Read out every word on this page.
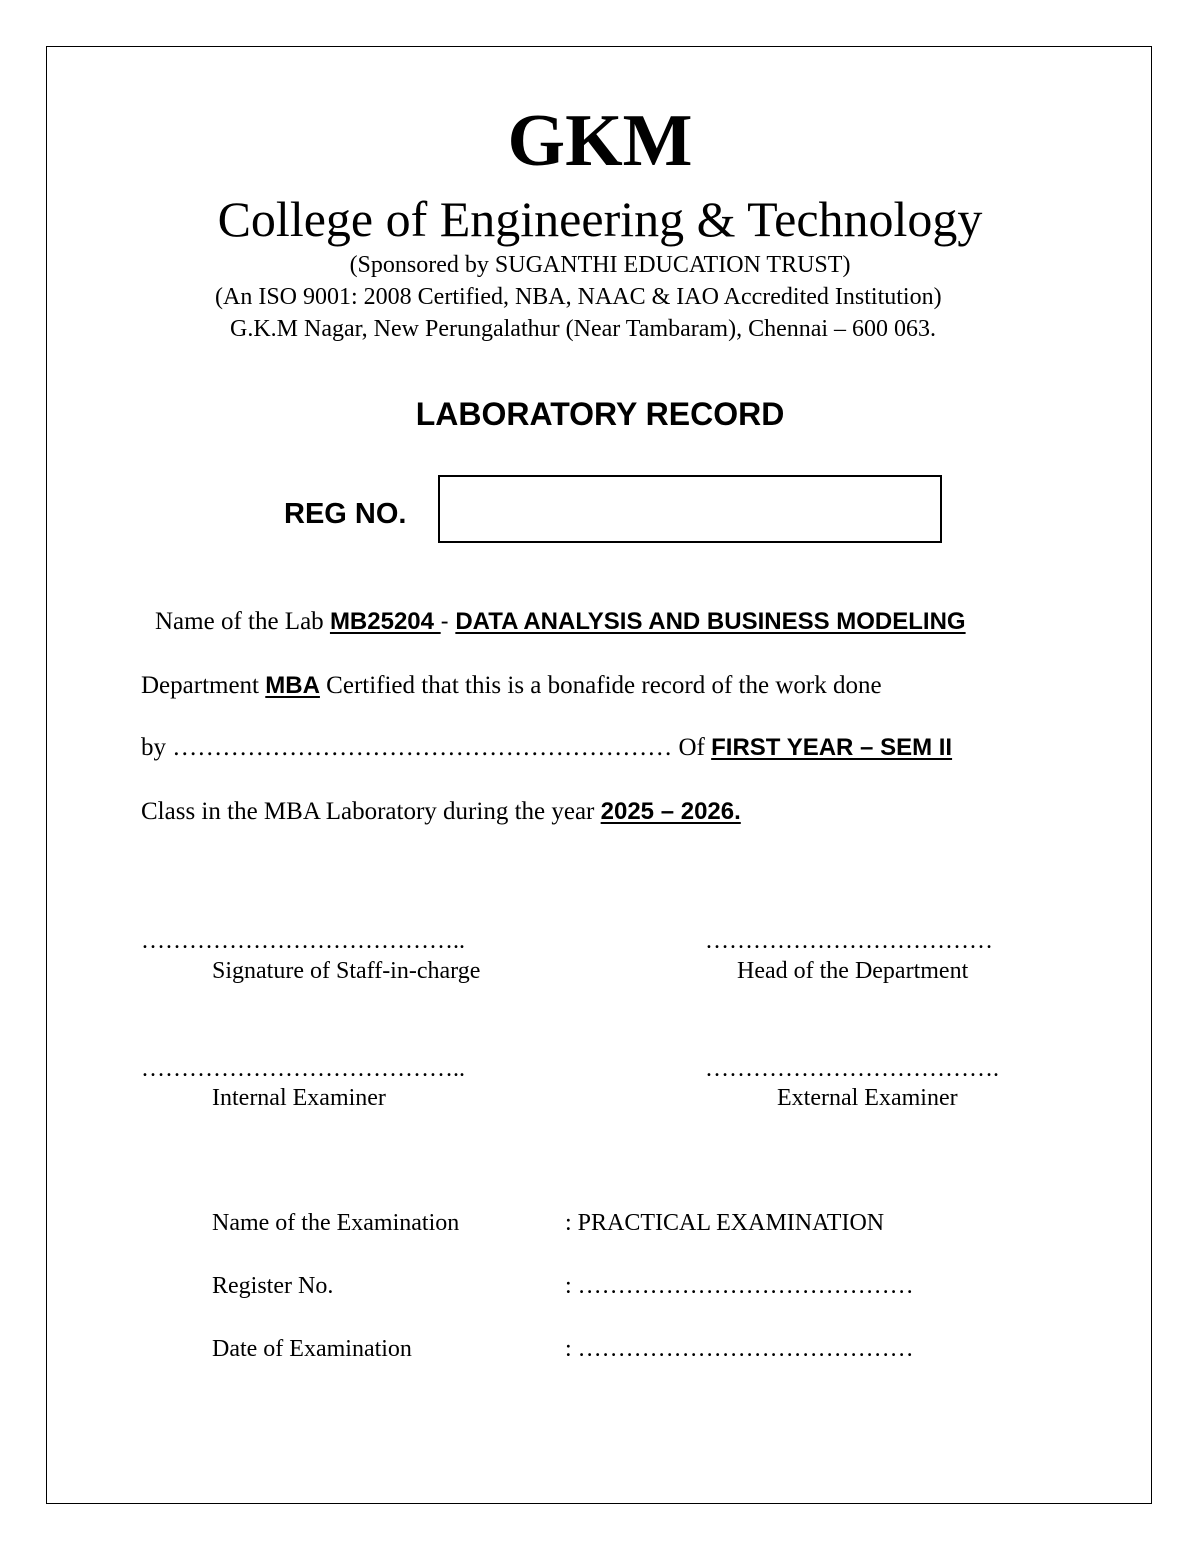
GKM
College of Engineering & Technology
(Sponsored by SUGANTHI EDUCATION TRUST)
(An ISO 9001: 2008 Certified, NBA, NAAC & IAO Accredited Institution)
G.K.M Nagar, New Perungalathur (Near Tambaram), Chennai – 600 063.
LABORATORY RECORD
REG NO.
Name of the Lab MB25204 - DATA ANALYSIS AND BUSINESS MODELING
Department MBA Certified that this is a bonafide record of the work done
by …………………………………………………… Of FIRST YEAR – SEM II
Class in the MBA Laboratory during the year 2025 – 2026.
…………………………………..
Signature of Staff-in-charge
………………………………
Head of the Department
…………………………………..
Internal Examiner
……………………………….
External Examiner
Name of the Examination	: PRACTICAL EXAMINATION
Register No.	: ……………………………………
Date of Examination	: ……………………………………
